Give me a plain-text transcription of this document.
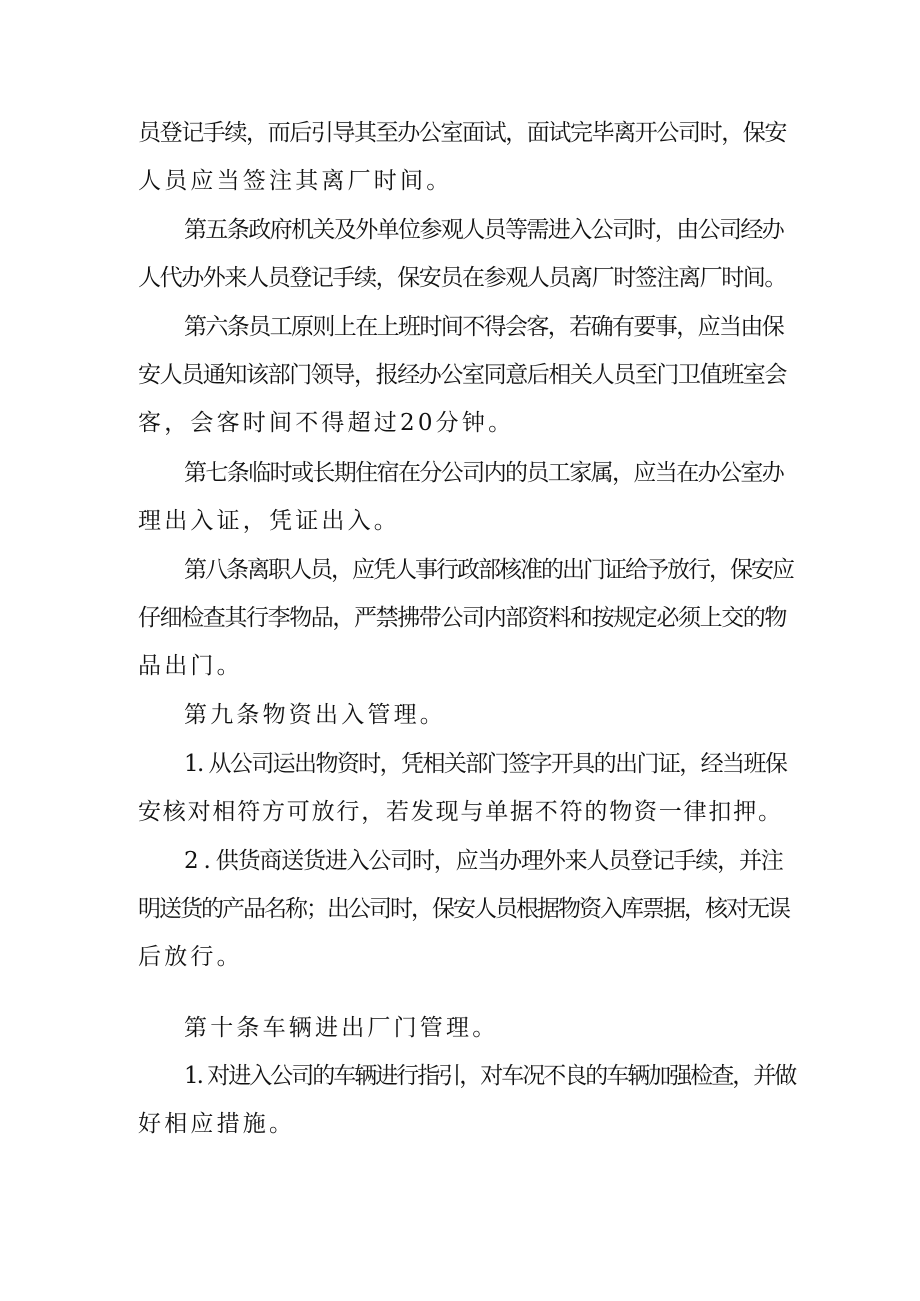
员登记手续，而后引导其至办公室面试，面试完毕离开公司时，保安
人员应当签注其离厂时间。
第五条政府机关及外单位参观人员等需进入公司时，由公司经办
人代办外来人员登记手续，保安员在参观人员离厂时签注离厂时间。
第六条员工原则上在上班时间不得会客，若确有要事，应当由保
安人员通知该部门领导，报经办公室同意后相关人员至门卫值班室会
客，会客时间不得超过20分钟。
第七条临时或长期住宿在分公司内的员工家属，应当在办公室办
理出入证，凭证出入。
第八条离职人员，应凭人事行政部核准的出门证给予放行，保安应
仔细检查其行李物品，严禁拂带公司内部资料和按规定必须上交的物
品出门。
第九条物资出入管理。
1. 从公司运出物资时，凭相关部门签字开具的出门证，经当班保
安核对相符方可放行，若发现与单据不符的物资一律扣押。
2 . 供货商送货进入公司时，应当办理外来人员登记手续，并注
明送货的产品名称；出公司时，保安人员根据物资入库票据，核对无误
后放行。
第十条车辆进出厂门管理。
1. 对进入公司的车辆进行指引，对车况不良的车辆加强检查，并做
好相应措施。
